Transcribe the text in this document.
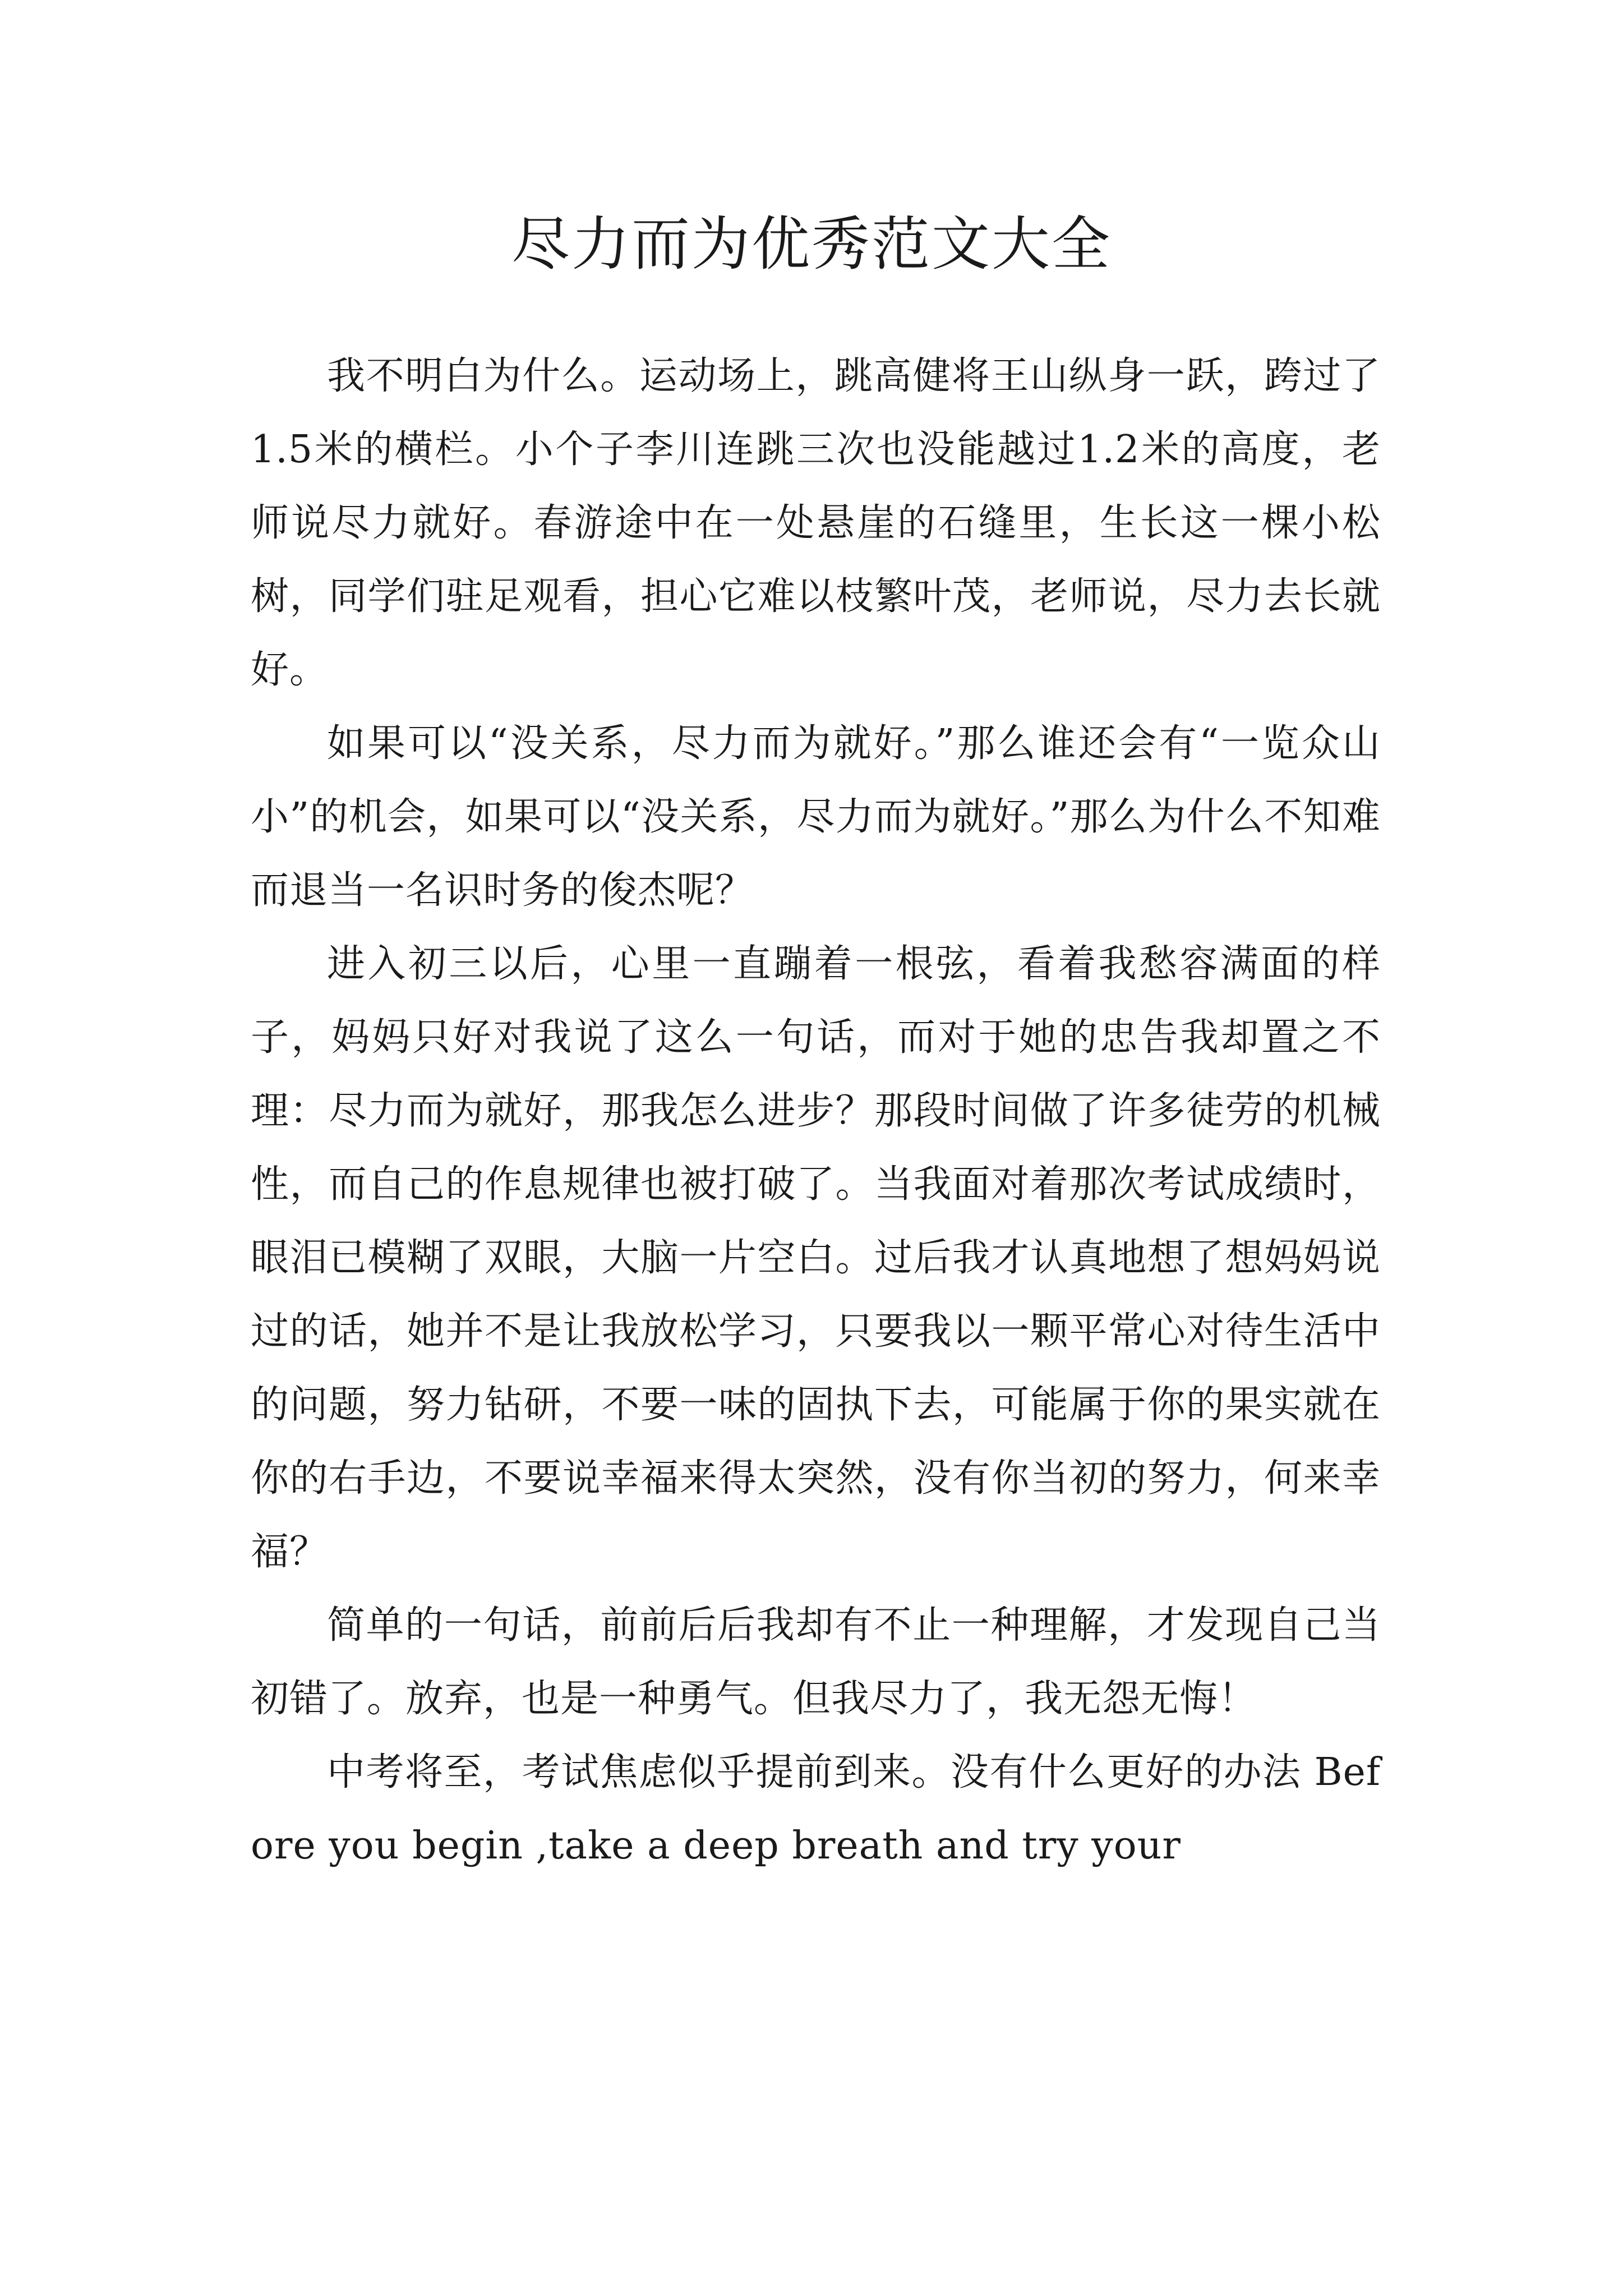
尽力而为优秀范文大全

我不明白为什么。运动场上，跳高健将王山纵身一跃，跨过了1.5米的横栏。小个子李川连跳三次也没能越过1.2米的高度，老师说尽力就好。春游途中在一处悬崖的石缝里，生长这一棵小松树，同学们驻足观看，担心它难以枝繁叶茂，老师说，尽力去长就好。

如果可以“没关系，尽力而为就好。”那么谁还会有“一览众山小”的机会，如果可以“没关系，尽力而为就好。”那么为什么不知难而退当一名识时务的俊杰呢？

进入初三以后，心里一直蹦着一根弦，看着我愁容满面的样子，妈妈只好对我说了这么一句话，而对于她的忠告我却置之不理：尽力而为就好，那我怎么进步？那段时间做了许多徒劳的机械性，而自己的作息规律也被打破了。当我面对着那次考试成绩时，眼泪已模糊了双眼，大脑一片空白。过后我才认真地想了想妈妈说过的话，她并不是让我放松学习，只要我以一颗平常心对待生活中的问题，努力钻研，不要一味的固执下去，可能属于你的果实就在你的右手边，不要说幸福来得太突然，没有你当初的努力，何来幸福？

简单的一句话，前前后后我却有不止一种理解，才发现自己当初错了。放弃，也是一种勇气。但我尽力了，我无怨无悔！

中考将至，考试焦虑似乎提前到来。没有什么更好的办法 Before you begin ,take a deep breath and try your
